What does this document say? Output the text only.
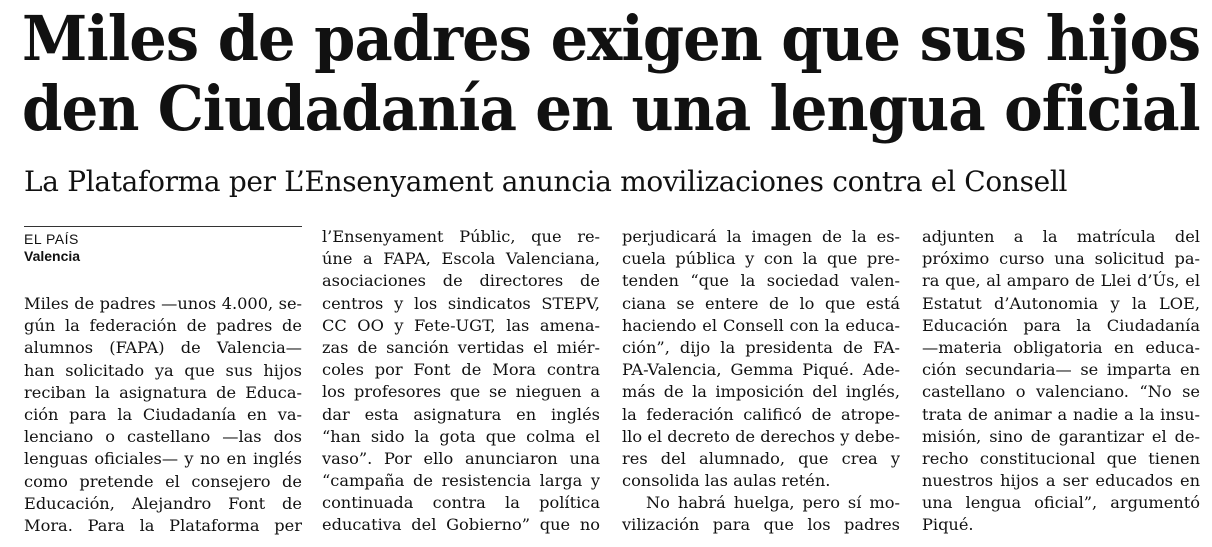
Miles de padres exigen que sus hijos
den Ciudadanía en una lengua oficial
La Plataforma per L’Ensenyament anuncia movilizaciones contra el Consell
EL PAÍS
Valencia
Miles de padres —unos 4.000, se-
gún la federación de padres de
alumnos (FAPA) de Valencia—
han solicitado ya que sus hijos
reciban la asignatura de Educa-
ción para la Ciudadanía en va-
lenciano o castellano —las dos
lenguas oficiales— y no en inglés
como pretende el consejero de
Educación, Alejandro Font de
Mora. Para la Plataforma per
l’Ensenyament Públic, que re-
úne a FAPA, Escola Valenciana,
asociaciones de directores de
centros y los sindicatos STEPV,
CC OO y Fete-UGT, las amena-
zas de sanción vertidas el miér-
coles por Font de Mora contra
los profesores que se nieguen a
dar esta asignatura en inglés
“han sido la gota que colma el
vaso”. Por ello anunciaron una
“campaña de resistencia larga y
continuada contra la política
educativa del Gobierno” que no
perjudicará la imagen de la es-
cuela pública y con la que pre-
tenden “que la sociedad valen-
ciana se entere de lo que está
haciendo el Consell con la educa-
ción”, dijo la presidenta de FA-
PA-Valencia, Gemma Piqué. Ade-
más de la imposición del inglés,
la federación calificó de atrope-
llo el decreto de derechos y debe-
res del alumnado, que crea y
consolida las aulas retén.
No habrá huelga, pero sí mo-
vilización para que los padres
adjunten a la matrícula del
próximo curso una solicitud pa-
ra que, al amparo de Llei d’Ús, el
Estatut d’Autonomia y la LOE,
Educación para la Ciudadanía
—materia obligatoria en educa-
ción secundaria— se imparta en
castellano o valenciano. “No se
trata de animar a nadie a la insu-
misión, sino de garantizar el de-
recho constitucional que tienen
nuestros hijos a ser educados en
una lengua oficial”, argumentó
Piqué.
